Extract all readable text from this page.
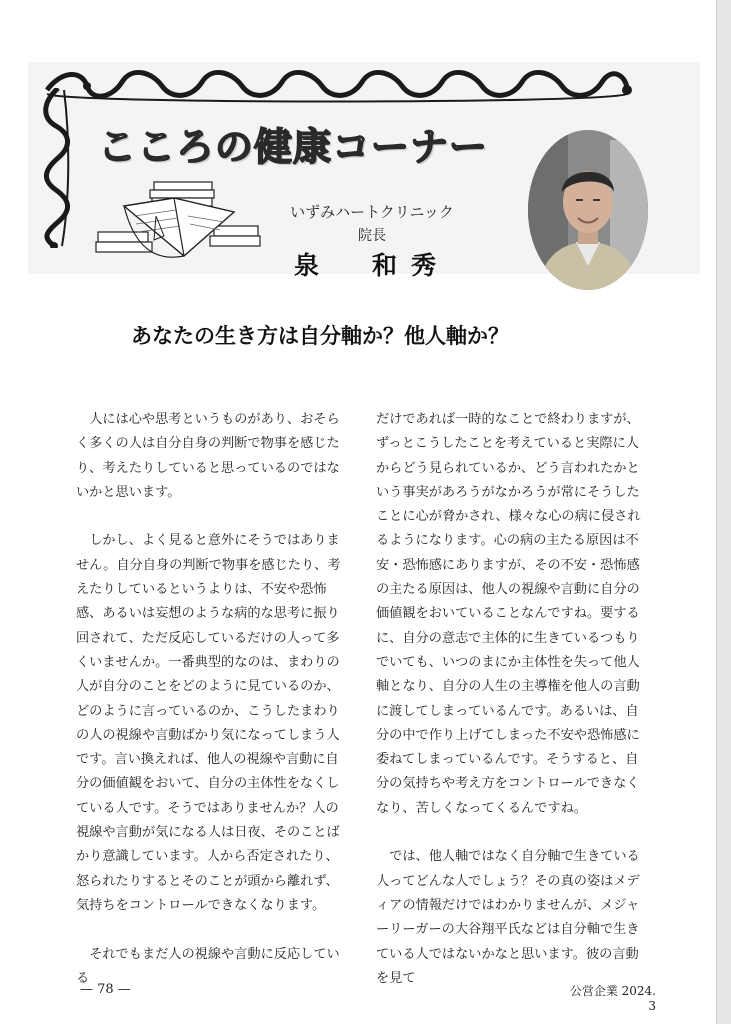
こころの健康コーナー
いずみハートクリニック
院長
泉　和秀
あなたの生き方は自分軸か？他人軸か？

人には心や思考というものがあり、おそらく多くの人は自分自身の判断で物事を感じたり、考えたりしていると思っているのではないかと思います。

しかし、よく見ると意外にそうではありません。自分自身の判断で物事を感じたり、考えたりしているというよりは、不安や恐怖感、あるいは妄想のような病的な思考に振り回されて、ただ反応しているだけの人って多くいませんか。一番典型的なのは、まわりの人が自分のことをどのように見ているのか、どのように言っているのか、こうしたまわりの人の視線や言動ばかり気になってしまう人です。言い換えれば、他人の視線や言動に自分の価値観をおいて、自分の主体性をなくしている人です。そうではありませんか？人の視線や言動が気になる人は日夜、そのことばかり意識しています。人から否定されたり、怒られたりするとそのことが頭から離れず、気持ちをコントロールできなくなります。

それでもまだ人の視線や言動に反応している

だけであれば一時的なことで終わりますが、ずっとこうしたことを考えていると実際に人からどう見られているか、どう言われたかという事実があろうがなかろうが常にそうしたことに心が脅かされ、様々な心の病に侵されるようになります。心の病の主たる原因は不安・恐怖感にありますが、その不安・恐怖感の主たる原因は、他人の視線や言動に自分の価値観をおいていることなんですね。要するに、自分の意志で主体的に生きているつもりでいても、いつのまにか主体性を失って他人軸となり、自分の人生の主導権を他人の言動に渡してしまっているんです。あるいは、自分の中で作り上げてしまった不安や恐怖感に委ねてしまっているんです。そうすると、自分の気持ちや考え方をコントロールできなくなり、苦しくなってくるんですね。

では、他人軸ではなく自分軸で生きている人ってどんな人でしょう？その真の姿はメディアの情報だけではわかりませんが、メジャーリーガーの大谷翔平氏などは自分軸で生きている人ではないかなと思います。彼の言動を見て

— 78 —	公営企業 2024. 3
